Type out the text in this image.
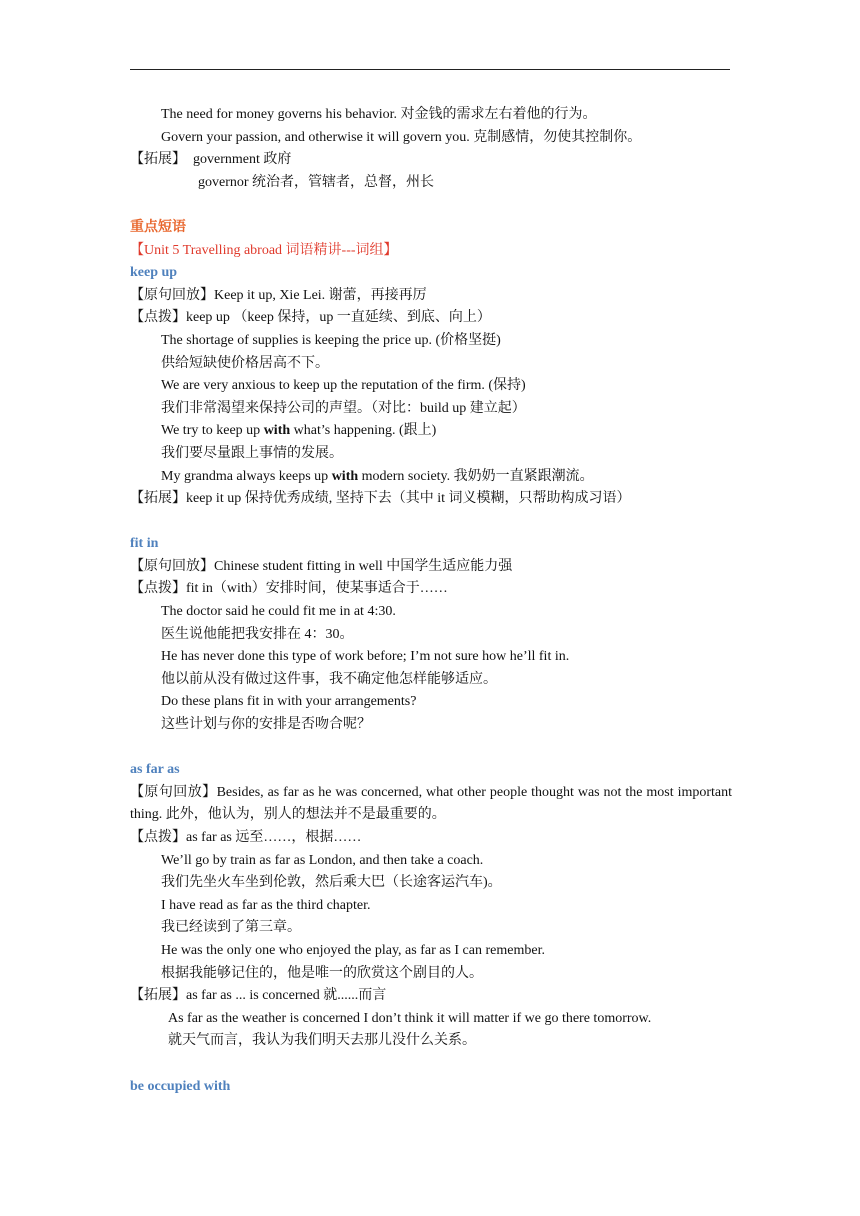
The need for money governs his behavior. 对金钱的需求左右着他的行为。
Govern your passion, and otherwise it will govern you. 克制感情，勿使其控制你。
【拓展】 government 政府
governor 统治者，管辖者，总督，州长
重点短语
【Unit 5 Travelling abroad 词语精讲---词组】
keep up
【原句回放】Keep it up, Xie Lei. 谢蕾，再接再厉
【点拨】keep up （keep 保持，up 一直延续、到底、向上）
The shortage of supplies is keeping the price up. (价格坚挺)
供给短缺使价格居高不下。
We are very anxious to keep up the reputation of the firm. (保持)
我们非常渴望来保持公司的声望。（对比：build up 建立起）
We try to keep up with what’s happening. (跟上)
我们要尽量跟上事情的发展。
My grandma always keeps up with modern society. 我奶奶一直紧跟潮流。
【拓展】keep it up 保持优秀成绩, 坚持下去（其中 it 词义模糊，只帮助构成习语）
fit in
【原句回放】Chinese student fitting in well 中国学生适应能力强
【点拨】fit in（with）安排时间，使某事适合于……
The doctor said he could fit me in at 4:30.
医生说他能把我安排在 4：30。
He has never done this type of work before; I’m not sure how he’ll fit in.
他以前从没有做过这件事，我不确定他怎样能够适应。
Do these plans fit in with your arrangements?
这些计划与你的安排是否吻合呢？
as far as
【原句回放】Besides, as far as he was concerned, what other people thought was not the most important thing. 此外，他认为，别人的想法并不是最重要的。
【点拨】as far as 远至……，根据……
We’ll go by train as far as London, and then take a coach.
我们先坐火车坐到伦敦，然后乘大巴（长途客运汽车)。
I have read as far as the third chapter.
我已经读到了第三章。
He was the only one who enjoyed the play, as far as I can remember.
根据我能够记住的，他是唯一的欣赏这个剧目的人。
【拓展】as far as ... is concerned 就......而言
As far as the weather is concerned I don’t think it will matter if we go there tomorrow.
就天气而言，我认为我们明天去那儿没什么关系。
be occupied with
